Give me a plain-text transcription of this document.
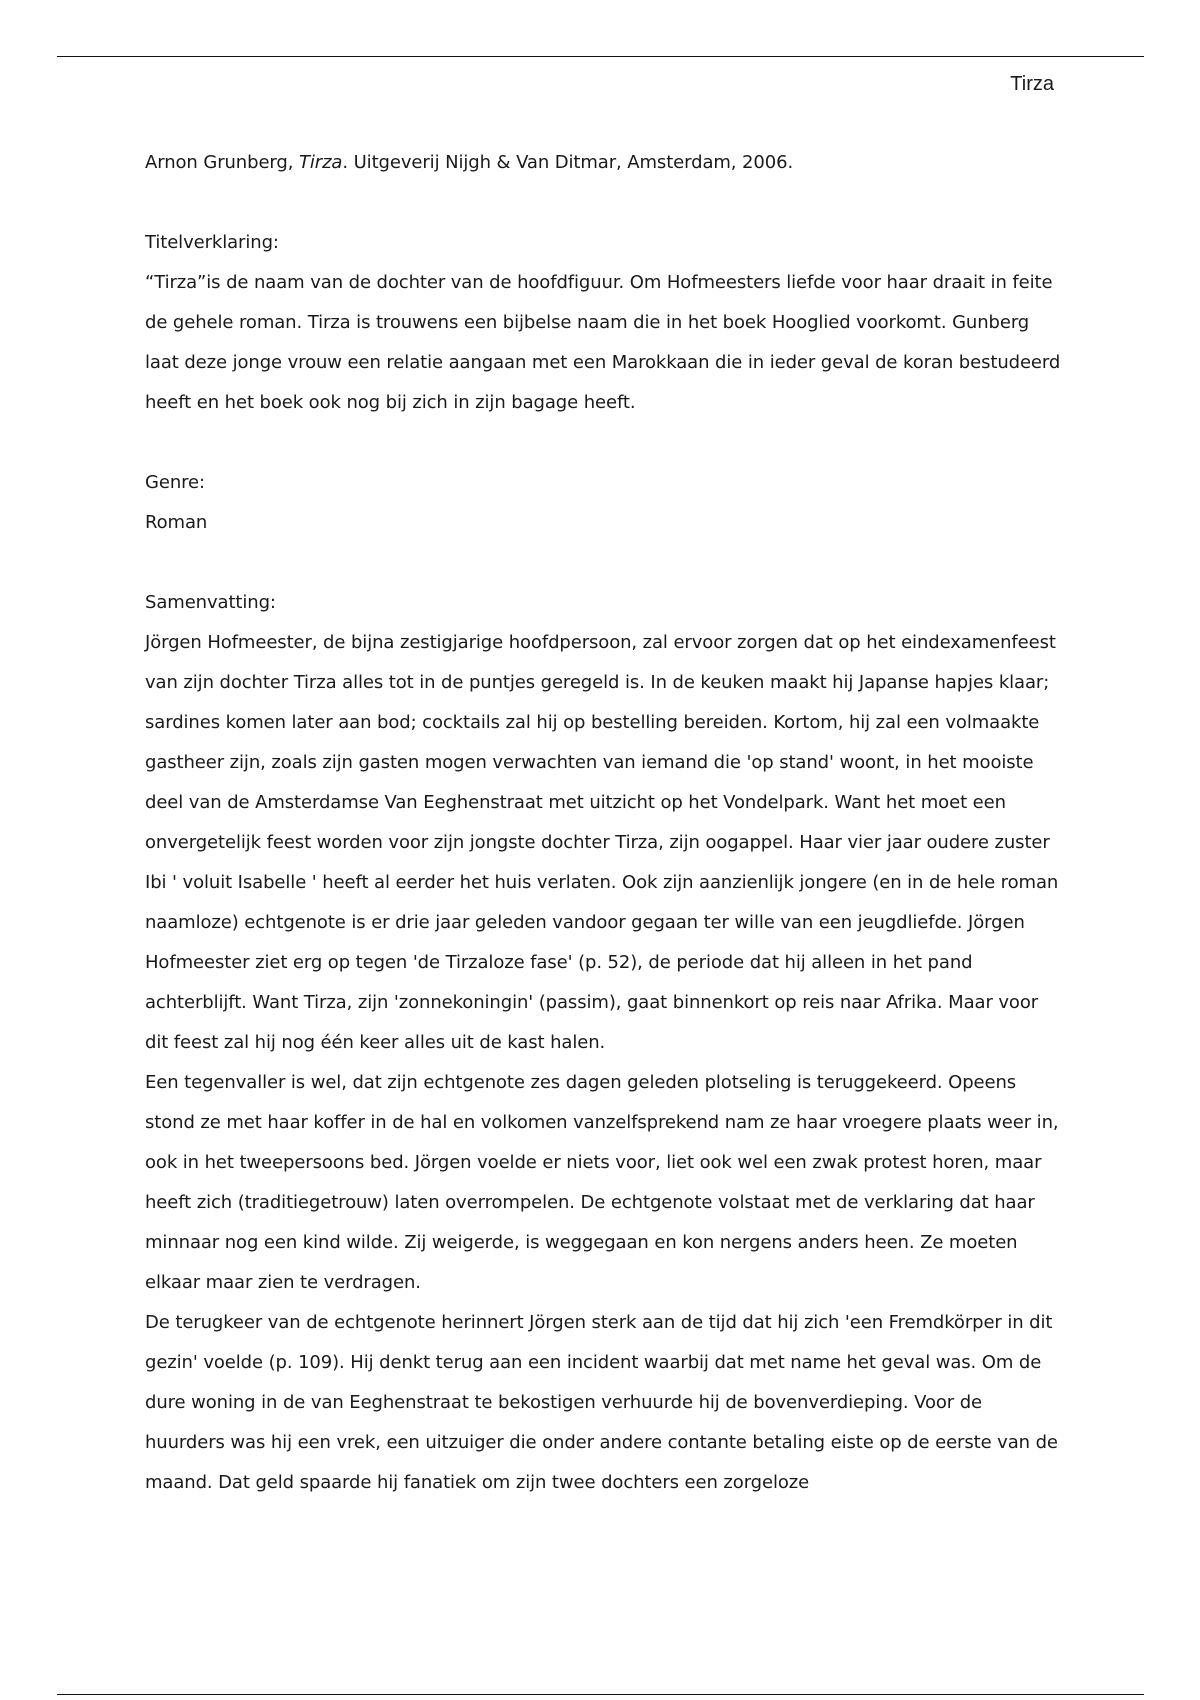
Tirza

Arnon Grunberg, Tirza. Uitgeverij Nijgh & Van Ditmar, Amsterdam, 2006.

Titelverklaring:

“Tirza”is de naam van de dochter van de hoofdfiguur. Om Hofmeesters liefde voor haar draait in feite de gehele roman. Tirza is trouwens een bijbelse naam die in het boek Hooglied voorkomt. Gunberg laat deze jonge vrouw een relatie aangaan met een Marokkaan die in ieder geval de koran bestudeerd heeft en het boek ook nog bij zich in zijn bagage heeft.

Genre:

Roman

Samenvatting:

Jörgen Hofmeester, de bijna zestigjarige hoofdpersoon, zal ervoor zorgen dat op het eindexamenfeest van zijn dochter Tirza alles tot in de puntjes geregeld is. In de keuken maakt hij Japanse hapjes klaar; sardines komen later aan bod; cocktails zal hij op bestelling bereiden. Kortom, hij zal een volmaakte gastheer zijn, zoals zijn gasten mogen verwachten van iemand die 'op stand' woont, in het mooiste deel van de Amsterdamse Van Eeghenstraat met uitzicht op het Vondelpark. Want het moet een onvergetelijk feest worden voor zijn jongste dochter Tirza, zijn oogappel. Haar vier jaar oudere zuster Ibi ' voluit Isabelle ' heeft al eerder het huis verlaten. Ook zijn aanzienlijk jongere (en in de hele roman naamloze) echtgenote is er drie jaar geleden vandoor gegaan ter wille van een jeugdliefde. Jörgen Hofmeester ziet erg op tegen 'de Tirzaloze fase' (p. 52), de periode dat hij alleen in het pand achterblijft. Want Tirza, zijn 'zonnekoningin' (passim), gaat binnenkort op reis naar Afrika. Maar voor dit feest zal hij nog één keer alles uit de kast halen.

Een tegenvaller is wel, dat zijn echtgenote zes dagen geleden plotseling is teruggekeerd. Opeens stond ze met haar koffer in de hal en volkomen vanzelfsprekend nam ze haar vroegere plaats weer in, ook in het tweepersoons bed. Jörgen voelde er niets voor, liet ook wel een zwak protest horen, maar heeft zich (traditiegetrouw) laten overrompelen. De echtgenote volstaat met de verklaring dat haar minnaar nog een kind wilde. Zij weigerde, is weggegaan en kon nergens anders heen. Ze moeten elkaar maar zien te verdragen.

De terugkeer van de echtgenote herinnert Jörgen sterk aan de tijd dat hij zich 'een Fremdkörper in dit gezin' voelde (p. 109). Hij denkt terug aan een incident waarbij dat met name het geval was. Om de dure woning in de van Eeghenstraat te bekostigen verhuurde hij de bovenverdieping. Voor de huurders was hij een vrek, een uitzuiger die onder andere contante betaling eiste op de eerste van de maand. Dat geld spaarde hij fanatiek om zijn twee dochters een zorgeloze
